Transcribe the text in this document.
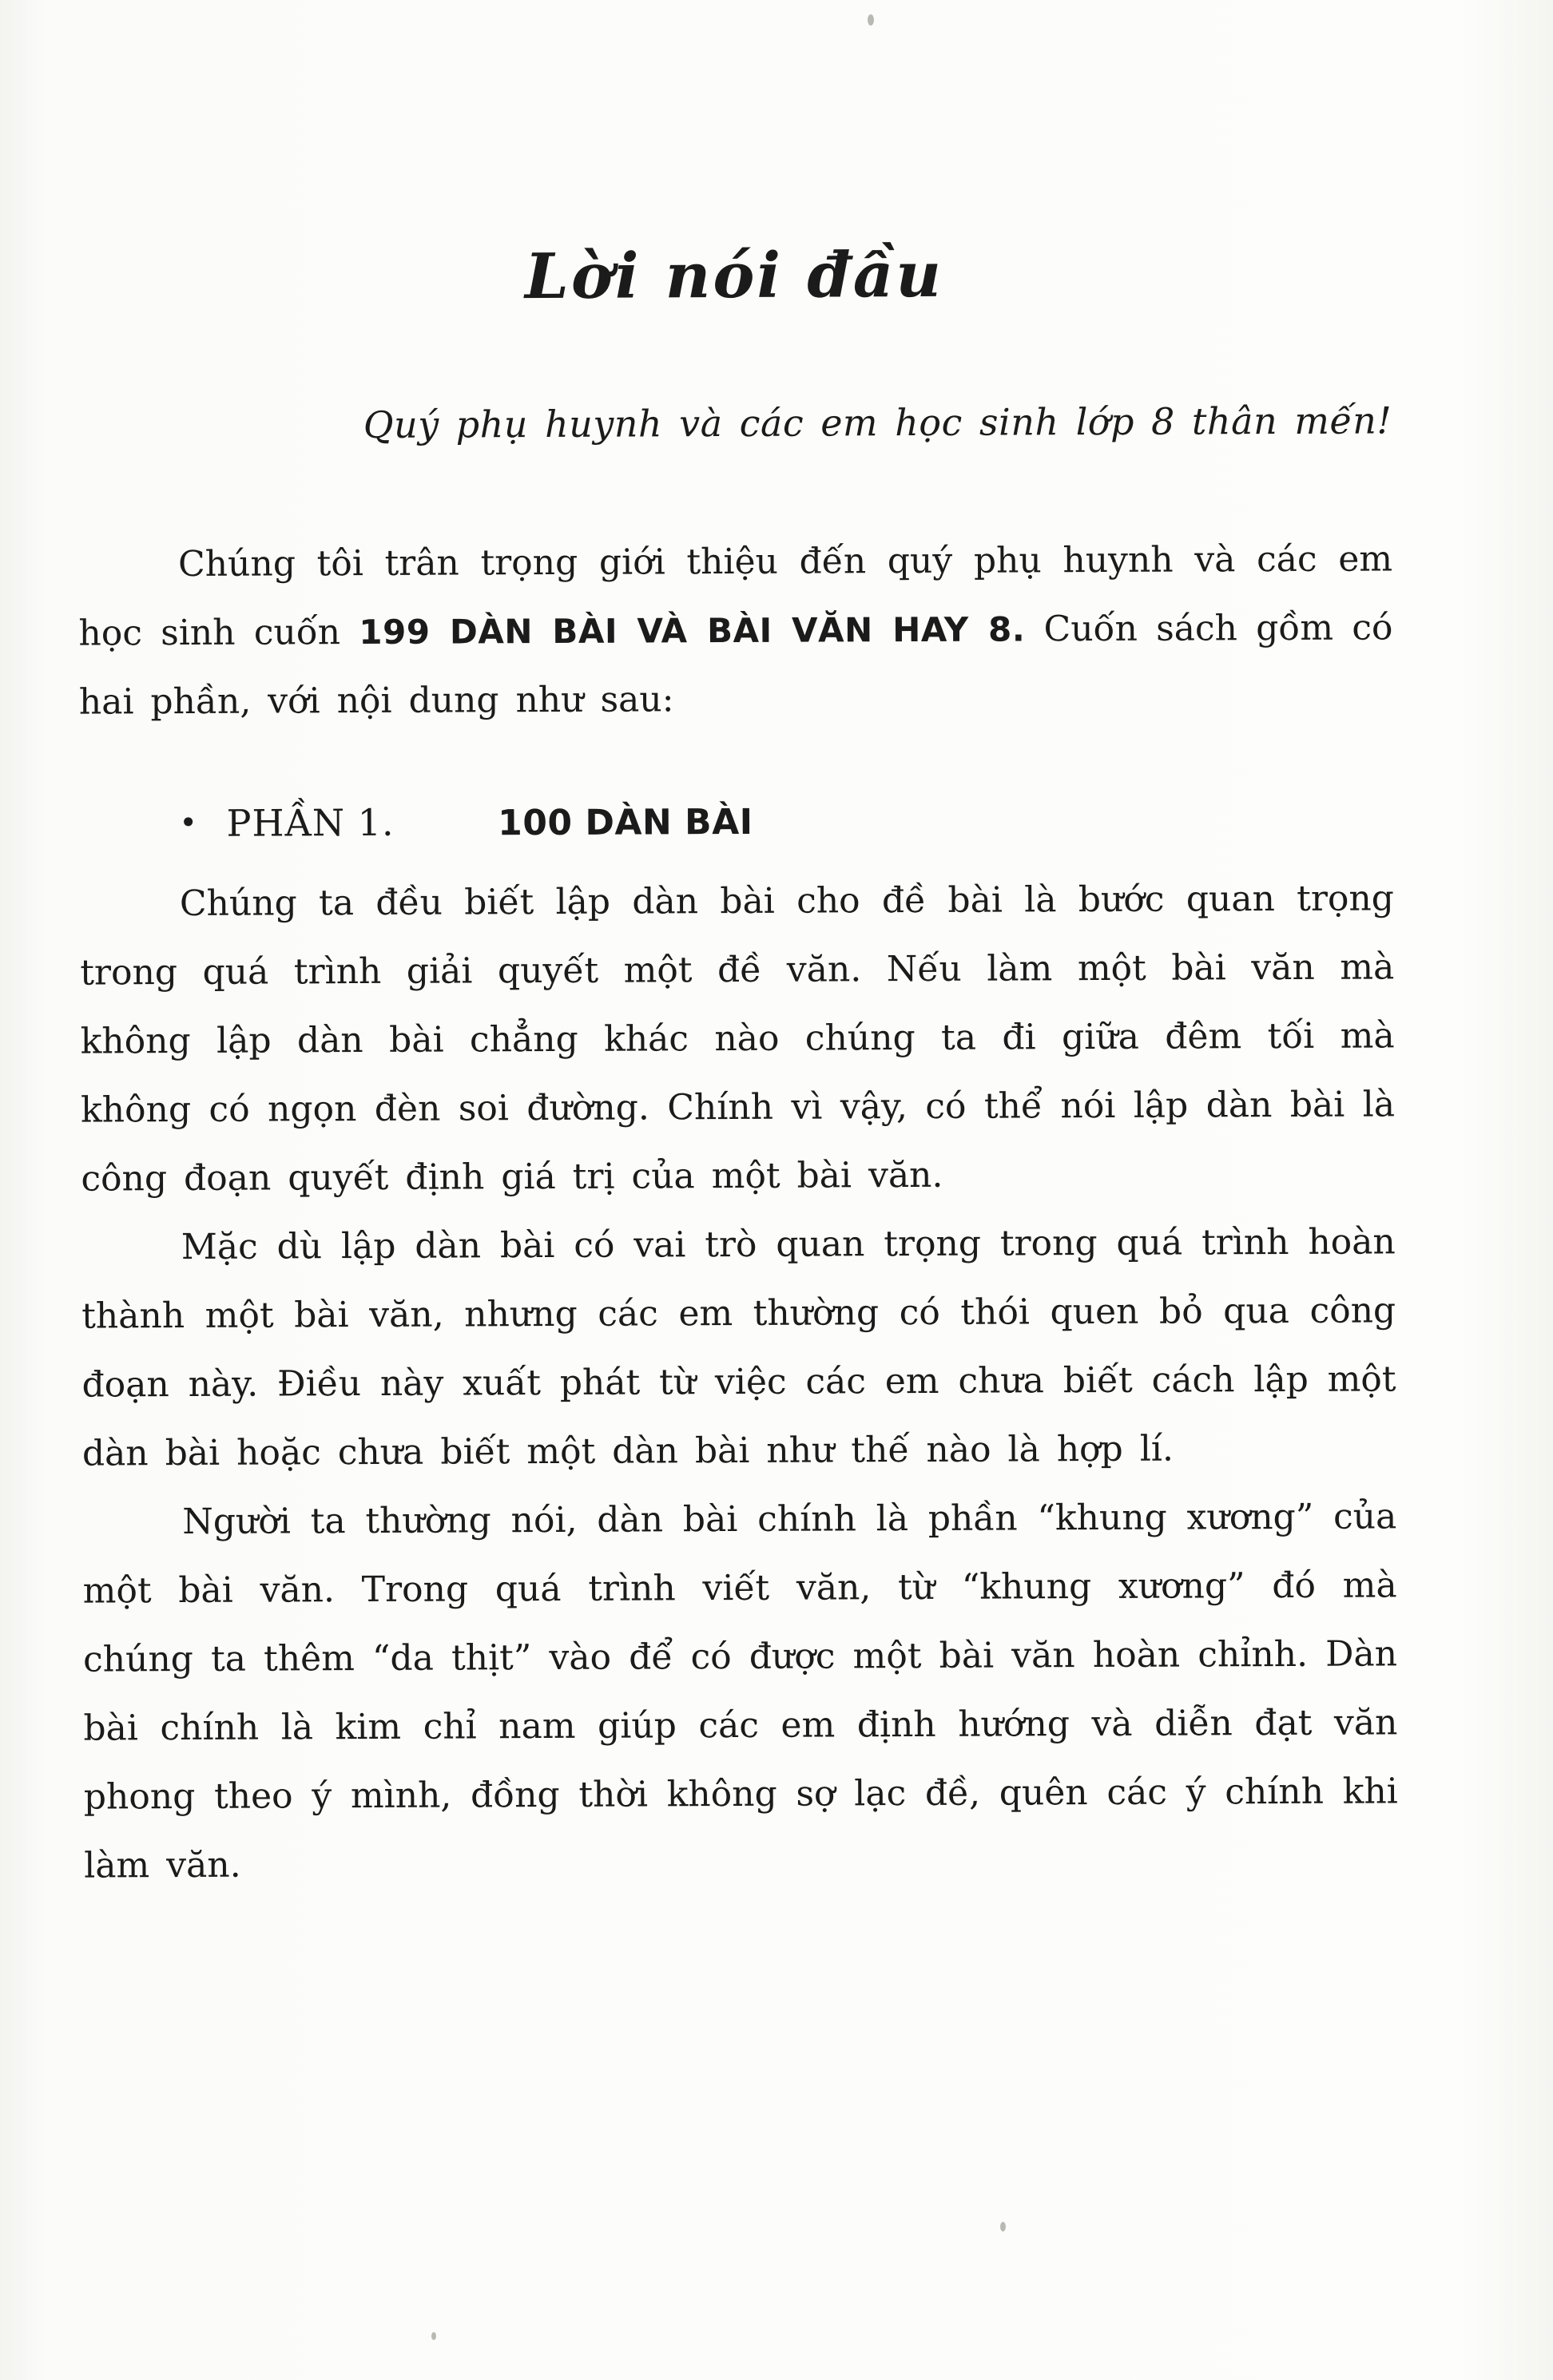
Lời nói đầu

Quý phụ huynh và các em học sinh lớp 8 thân mến!

Chúng tôi trân trọng giới thiệu đến quý phụ huynh và các em học sinh cuốn 199 DÀN BÀI VÀ BÀI VĂN HAY 8. Cuốn sách gồm có hai phần, với nội dung như sau:

• PHẦN 1.	100 DÀN BÀI

Chúng ta đều biết lập dàn bài cho đề bài là bước quan trọng trong quá trình giải quyết một đề văn. Nếu làm một bài văn mà không lập dàn bài chẳng khác nào chúng ta đi giữa đêm tối mà không có ngọn đèn soi đường. Chính vì vậy, có thể nói lập dàn bài là công đoạn quyết định giá trị của một bài văn.

Mặc dù lập dàn bài có vai trò quan trọng trong quá trình hoàn thành một bài văn, nhưng các em thường có thói quen bỏ qua công đoạn này. Điều này xuất phát từ việc các em chưa biết cách lập một dàn bài hoặc chưa biết một dàn bài như thế nào là hợp lí.

Người ta thường nói, dàn bài chính là phần “khung xương” của một bài văn. Trong quá trình viết văn, từ “khung xương” đó mà chúng ta thêm “da thịt” vào để có được một bài văn hoàn chỉnh. Dàn bài chính là kim chỉ nam giúp các em định hướng và diễn đạt văn phong theo ý mình, đồng thời không sợ lạc đề, quên các ý chính khi làm văn.
